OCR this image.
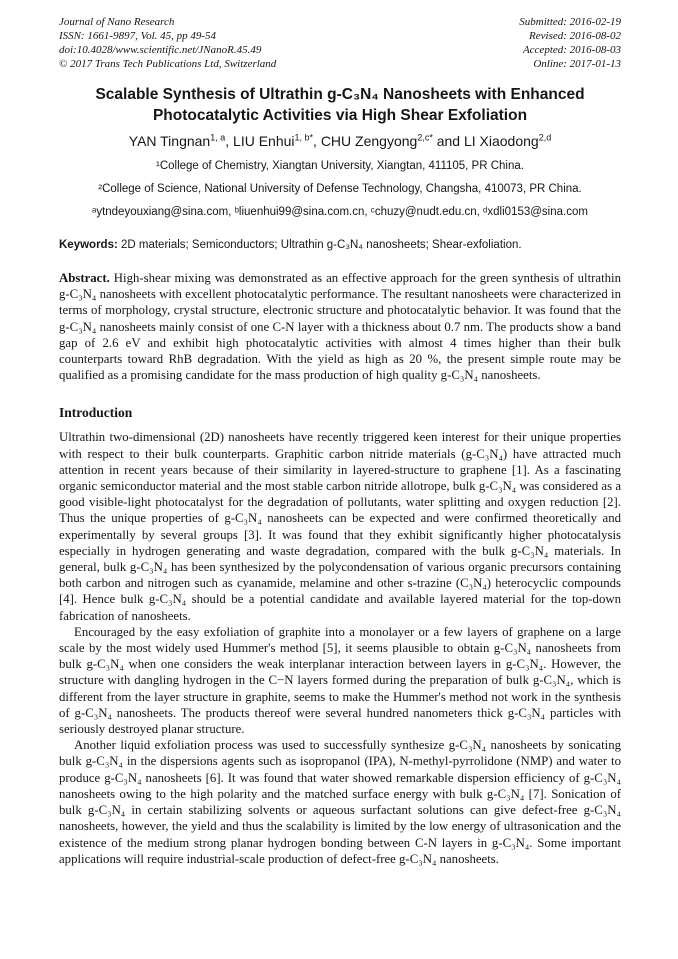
Journal of Nano Research
ISSN: 1661-9897, Vol. 45, pp 49-54
doi:10.4028/www.scientific.net/JNanoR.45.49
© 2017 Trans Tech Publications Ltd, Switzerland
Submitted: 2016-02-19
Revised: 2016-08-02
Accepted: 2016-08-03
Online: 2017-01-13
Scalable Synthesis of Ultrathin g-C₃N₄ Nanosheets with Enhanced Photocatalytic Activities via High Shear Exfoliation
YAN Tingnan$^{1, a}$, LIU Enhui$^{1, b*}$, CHU Zengyong$^{2,c*}$ and LI Xiaodong$^{2,d}$
¹College of Chemistry, Xiangtan University, Xiangtan, 411105, PR China.
²College of Science, National University of Defense Technology, Changsha, 410073, PR China.
ᵃytndeyouxiang@sina.com, ᵇliuenhui99@sina.com.cn, ᶜchuzy@nudt.edu.cn, ᵈxdli0153@sina.com

Keywords: 2D materials; Semiconductors; Ultrathin g-C₃N₄ nanosheets; Shear-exfoliation.

Abstract. High-shear mixing was demonstrated as an effective approach for the green synthesis of ultrathin g-C₃N₄ nanosheets with excellent photocatalytic performance. The resultant nanosheets were characterized in terms of morphology, crystal structure, electronic structure and photocatalytic behavior. It was found that the g-C₃N₄ nanosheets mainly consist of one C-N layer with a thickness about 0.7 nm. The products show a band gap of 2.6 eV and exhibit high photocatalytic activities with almost 4 times higher than their bulk counterparts toward RhB degradation. With the yield as high as 20 %, the present simple route may be qualified as a promising candidate for the mass production of high quality g-C₃N₄ nanosheets.

Introduction

Ultrathin two-dimensional (2D) nanosheets have recently triggered keen interest for their unique properties with respect to their bulk counterparts. Graphitic carbon nitride materials (g-C₃N₄) have attracted much attention in recent years because of their similarity in layered-structure to graphene [1]. As a fascinating organic semiconductor material and the most stable carbon nitride allotrope, bulk g-C₃N₄ was considered as a good visible-light photocatalyst for the degradation of pollutants, water splitting and oxygen reduction [2]. Thus the unique properties of g-C₃N₄ nanosheets can be expected and were confirmed theoretically and experimentally by several groups [3]. It was found that they exhibit significantly higher photocatalysis especially in hydrogen generating and waste degradation, compared with the bulk g-C₃N₄ materials. In general, bulk g-C₃N₄ has been synthesized by the polycondensation of various organic precursors containing both carbon and nitrogen such as cyanamide, melamine and other s-trazine (C₃N₄) heterocyclic compounds [4]. Hence bulk g-C₃N₄ should be a potential candidate and available layered material for the top-down fabrication of nanosheets.

Encouraged by the easy exfoliation of graphite into a monolayer or a few layers of graphene on a large scale by the most widely used Hummer's method [5], it seems plausible to obtain g-C₃N₄ nanosheets from bulk g-C₃N₄ when one considers the weak interplanar interaction between layers in g-C₃N₄. However, the structure with dangling hydrogen in the C−N layers formed during the preparation of bulk g-C₃N₄, which is different from the layer structure in graphite, seems to make the Hummer's method not work in the synthesis of g-C₃N₄ nanosheets. The products thereof were several hundred nanometers thick g-C₃N₄ particles with seriously destroyed planar structure.

Another liquid exfoliation process was used to successfully synthesize g-C₃N₄ nanosheets by sonicating bulk g-C₃N₄ in the dispersions agents such as isopropanol (IPA), N-methyl-pyrrolidone (NMP) and water to produce g-C₃N₄ nanosheets [6]. It was found that water showed remarkable dispersion efficiency of g-C₃N₄ nanosheets owing to the high polarity and the matched surface energy with bulk g-C₃N₄ [7]. Sonication of bulk g-C₃N₄ in certain stabilizing solvents or aqueous surfactant solutions can give defect-free g-C₃N₄ nanosheets, however, the yield and thus the scalability is limited by the low energy of ultrasonication and the existence of the medium strong planar hydrogen bonding between C-N layers in g-C₃N₄. Some important applications will require industrial-scale production of defect-free g-C₃N₄ nanosheets.
